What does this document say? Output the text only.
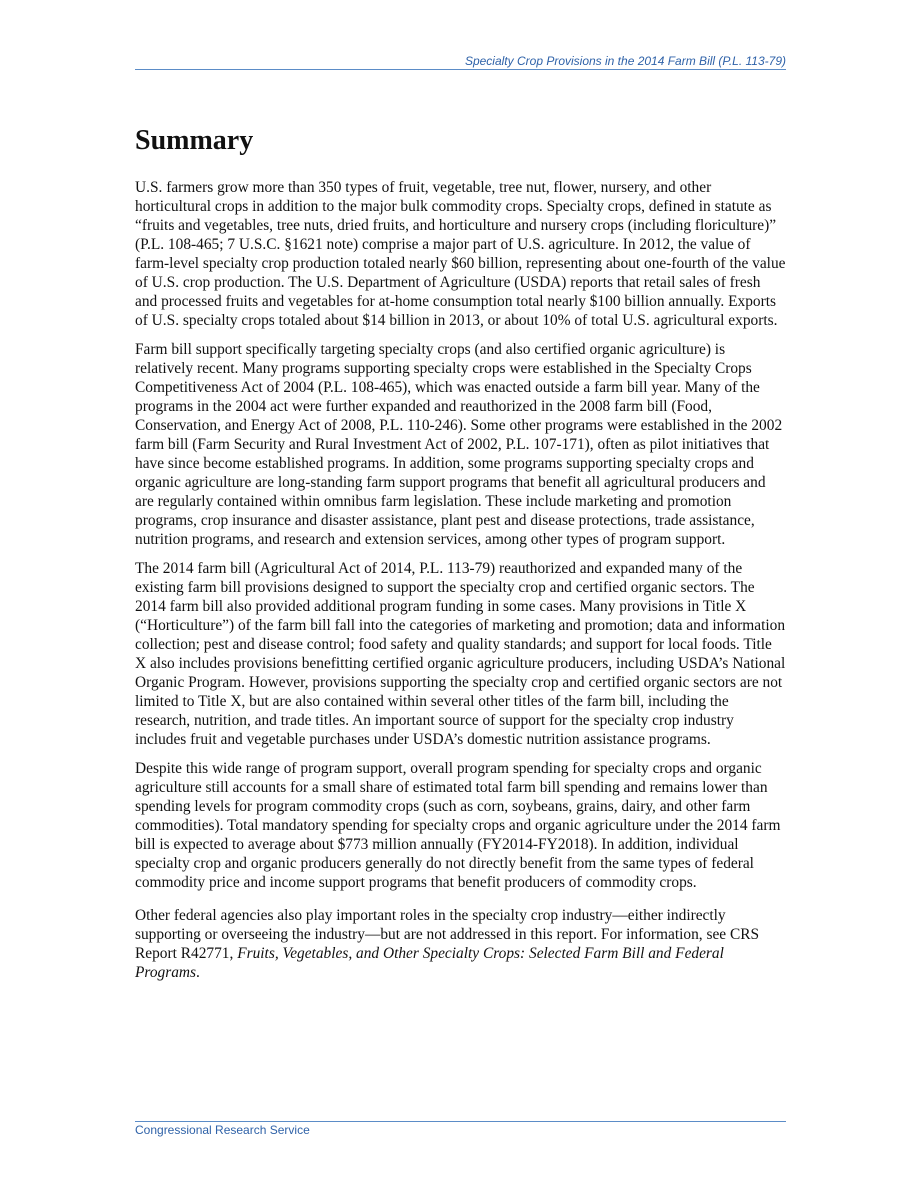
Specialty Crop Provisions in the 2014 Farm Bill (P.L. 113-79)
Summary

U.S. farmers grow more than 350 types of fruit, vegetable, tree nut, flower, nursery, and other horticultural crops in addition to the major bulk commodity crops. Specialty crops, defined in statute as “fruits and vegetables, tree nuts, dried fruits, and horticulture and nursery crops (including floriculture)” (P.L. 108-465; 7 U.S.C. §1621 note) comprise a major part of U.S. agriculture. In 2012, the value of farm-level specialty crop production totaled nearly $60 billion, representing about one-fourth of the value of U.S. crop production. The U.S. Department of Agriculture (USDA) reports that retail sales of fresh and processed fruits and vegetables for at-home consumption total nearly $100 billion annually. Exports of U.S. specialty crops totaled about $14 billion in 2013, or about 10% of total U.S. agricultural exports.

Farm bill support specifically targeting specialty crops (and also certified organic agriculture) is relatively recent. Many programs supporting specialty crops were established in the Specialty Crops Competitiveness Act of 2004 (P.L. 108-465), which was enacted outside a farm bill year. Many of the programs in the 2004 act were further expanded and reauthorized in the 2008 farm bill (Food, Conservation, and Energy Act of 2008, P.L. 110-246). Some other programs were established in the 2002 farm bill (Farm Security and Rural Investment Act of 2002, P.L. 107-171), often as pilot initiatives that have since become established programs. In addition, some programs supporting specialty crops and organic agriculture are long-standing farm support programs that benefit all agricultural producers and are regularly contained within omnibus farm legislation. These include marketing and promotion programs, crop insurance and disaster assistance, plant pest and disease protections, trade assistance, nutrition programs, and research and extension services, among other types of program support.

The 2014 farm bill (Agricultural Act of 2014, P.L. 113-79) reauthorized and expanded many of the existing farm bill provisions designed to support the specialty crop and certified organic sectors. The 2014 farm bill also provided additional program funding in some cases. Many provisions in Title X (“Horticulture”) of the farm bill fall into the categories of marketing and promotion; data and information collection; pest and disease control; food safety and quality standards; and support for local foods. Title X also includes provisions benefitting certified organic agriculture producers, including USDA’s National Organic Program. However, provisions supporting the specialty crop and certified organic sectors are not limited to Title X, but are also contained within several other titles of the farm bill, including the research, nutrition, and trade titles. An important source of support for the specialty crop industry includes fruit and vegetable purchases under USDA’s domestic nutrition assistance programs.

Despite this wide range of program support, overall program spending for specialty crops and organic agriculture still accounts for a small share of estimated total farm bill spending and remains lower than spending levels for program commodity crops (such as corn, soybeans, grains, dairy, and other farm commodities). Total mandatory spending for specialty crops and organic agriculture under the 2014 farm bill is expected to average about $773 million annually (FY2014-FY2018). In addition, individual specialty crop and organic producers generally do not directly benefit from the same types of federal commodity price and income support programs that benefit producers of commodity crops.

Other federal agencies also play important roles in the specialty crop industry—either indirectly supporting or overseeing the industry—but are not addressed in this report. For information, see CRS Report R42771, Fruits, Vegetables, and Other Specialty Crops: Selected Farm Bill and Federal Programs.

Congressional Research Service
